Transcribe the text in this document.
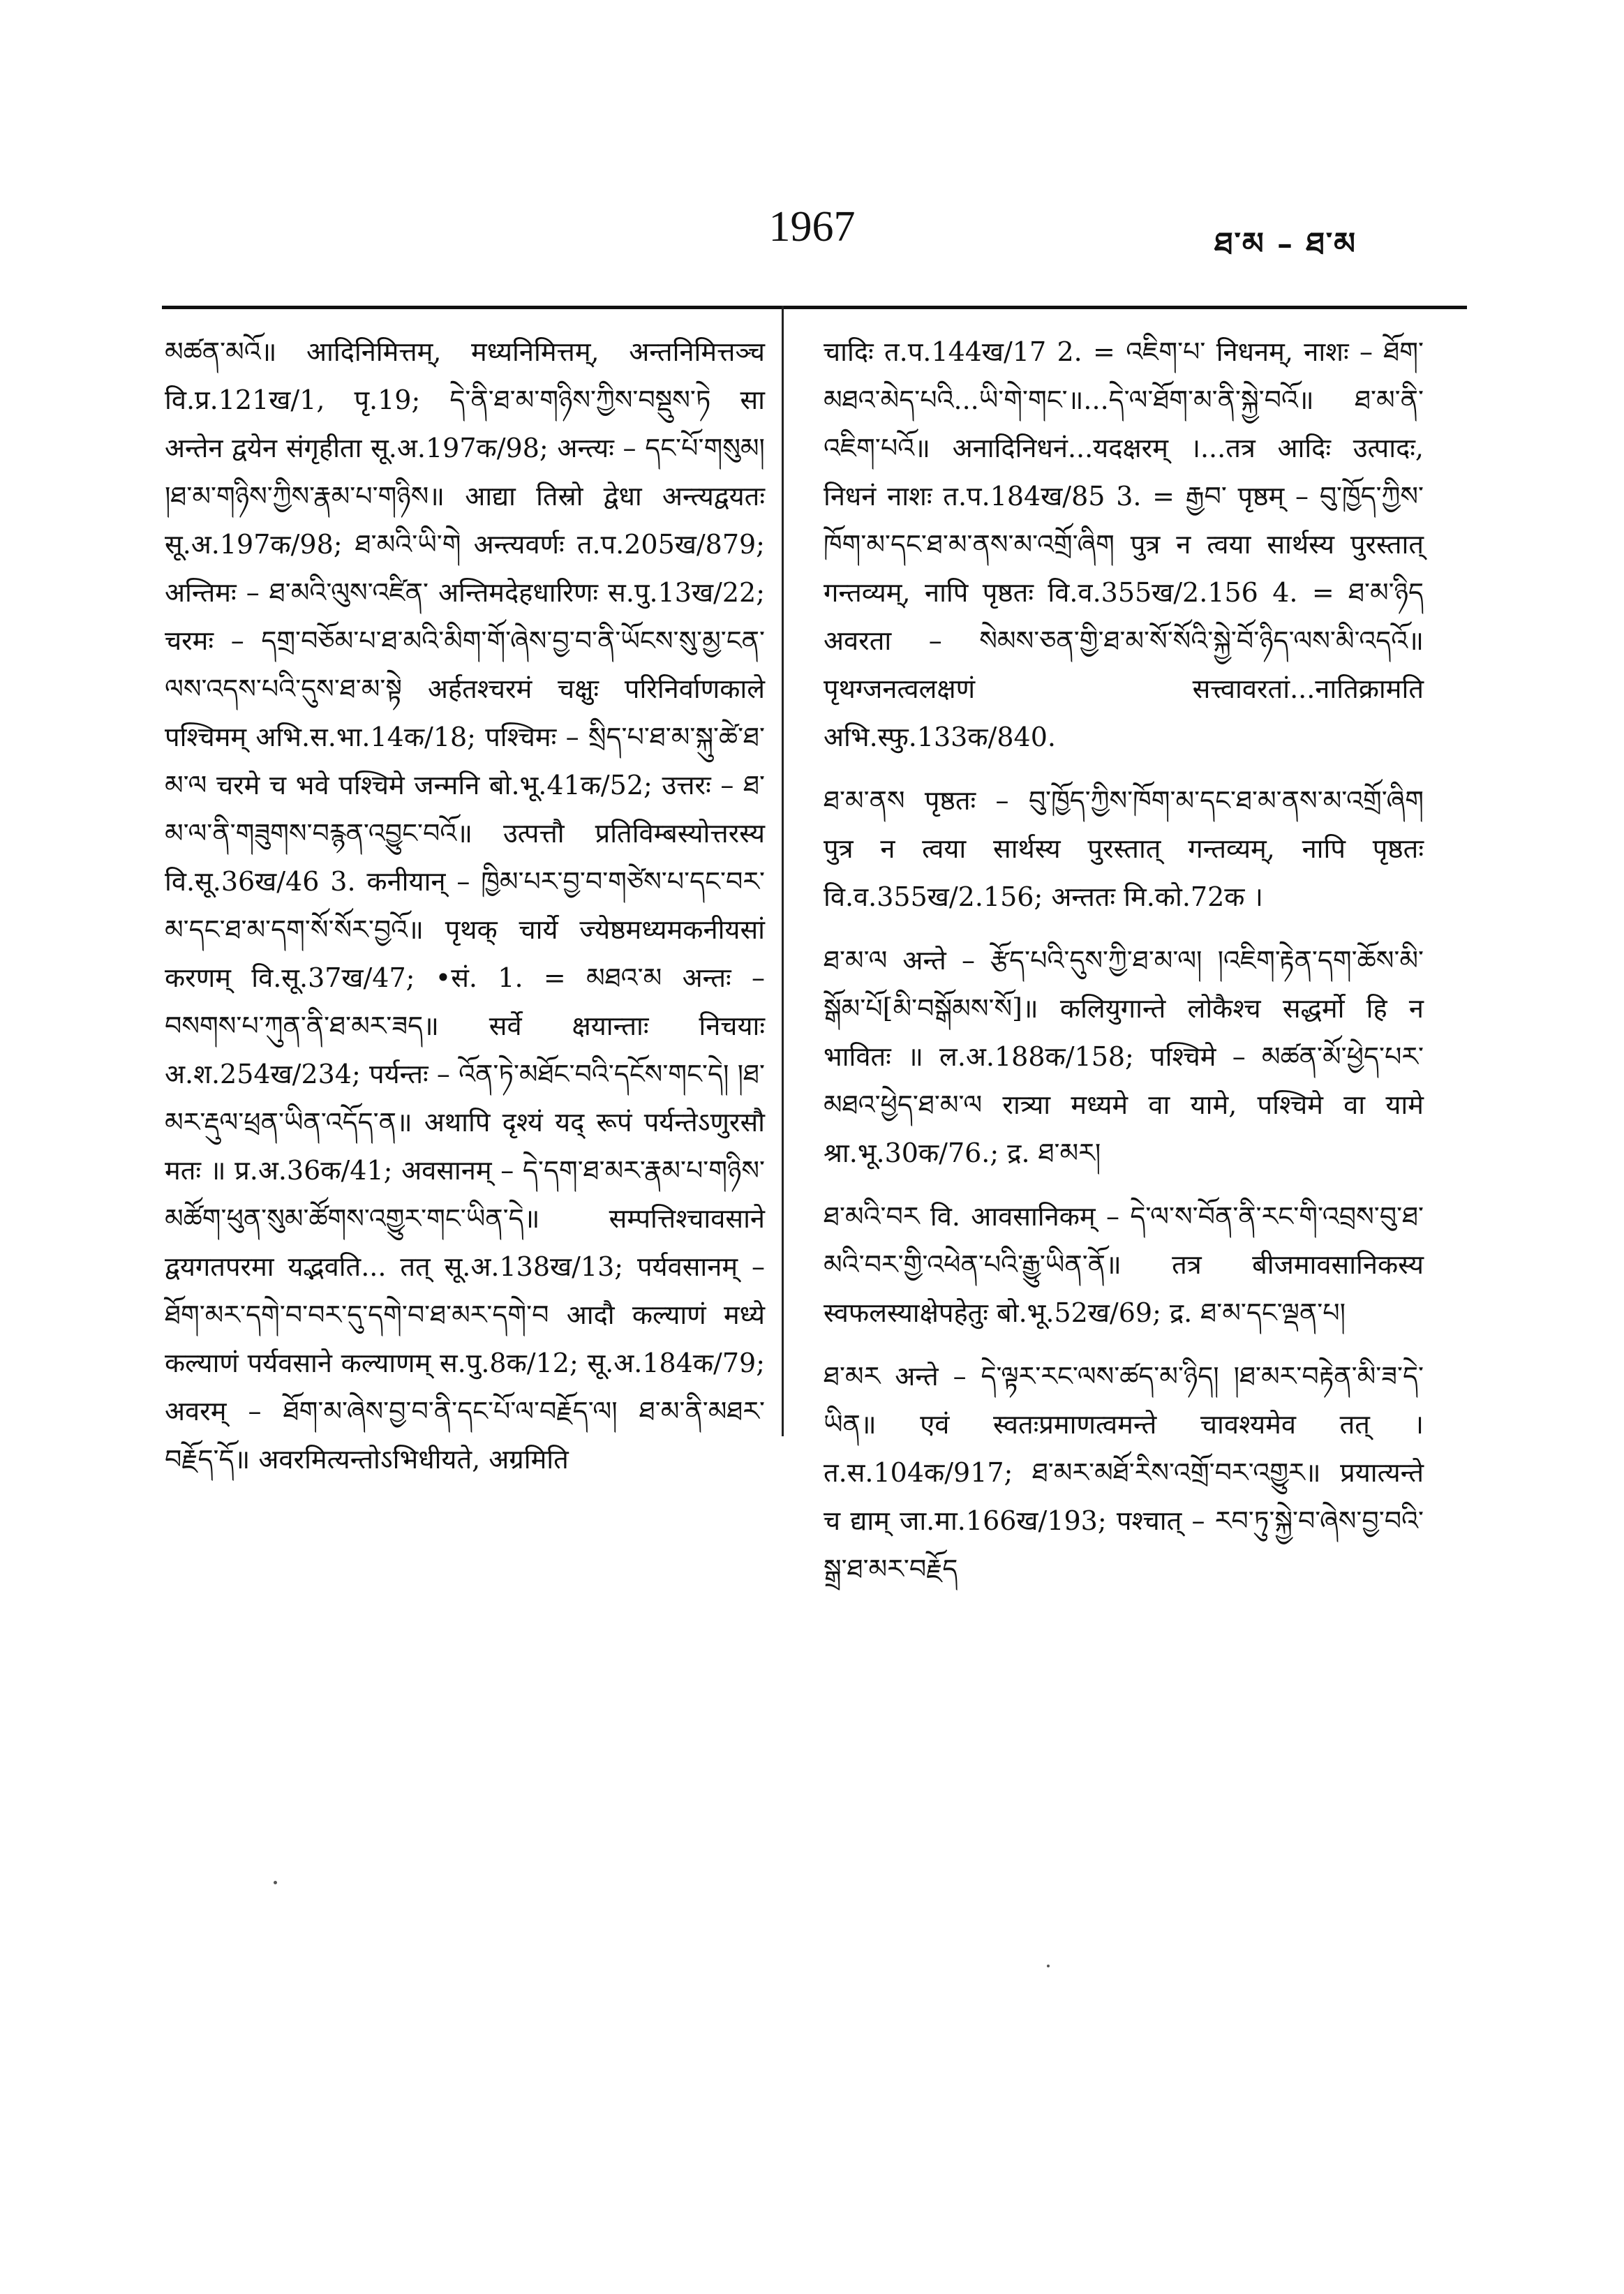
1967	ཐ་མ – ཐ་མ

མཚན་མའོ॥ आदिनिमित्तम्, मध्यनिमित्तम्, अन्तनिमित्तञ्च वि.प्र.121ख/1, पृ.19; དེ་ནི་ཐ་མ་གཉིས་ཀྱིས་བསྡུས་ཏེ सा अन्तेन द्वयेन संगृहीता सू.अ.197क/98; अन्त्यः – དང་པོ་གསུམ། །ཐ་མ་གཉིས་ཀྱིས་རྣམ་པ་གཉིས॥ आद्या तिस्रो द्वेधा अन्त्यद्वयतः सू.अ.197क/98; ཐ་མའི་ཡི་གེ अन्त्यवर्णः त.प.205ख/879; अन्तिमः – ཐ་མའི་ལུས་འཛིན་ अन्तिमदेहधारिणः स.पु.13ख/22; चरमः – དགྲ་བཅོམ་པ་ཐ་མའི་མིག་གོ་ཞེས་བྱ་བ་ནི་ཡོངས་སུ་མྱ་ངན་ལས་འདས་པའི་དུས་ཐ་མ་སྟེ अर्हतश्चरमं चक्षुः परिनिर्वाणकाले पश्चिमम् अभि.स.भा.14क/18; पश्चिमः – སྲིད་པ་ཐ་མ་སྐུ་ཚེ་ཐ་མ་ལ चरमे च भवे पश्चिमे जन्मनि बो.भू.41क/52; उत्तरः – ཐ་མ་ལ་ནི་གཟུགས་བརྙན་འབྱུང་བའོ॥ उत्पत्तौ प्रतिविम्बस्योत्तरस्य वि.सू.36ख/46 3. कनीयान् – ཁྱིམ་པར་བྱ་བ་གཙེས་པ་དང་བར་མ་དང་ཐ་མ་དག་སོ་སོར་བྱའོ॥ पृथक् चार्ये ज्येष्ठमध्यमकनीयसां करणम् वि.सू.37ख/47; •सं. 1. = མཐའ་མ अन्तः – བསགས་པ་ཀུན་ནི་ཐ་མར་ཟད॥ सर्वे क्षयान्ताः निचयाः अ.श.254ख/234; पर्यन्तः – འོན་ཏེ་མཐོང་བའི་དངོས་གང་དེ། །ཐ་མར་རྡུལ་ཕྲན་ཡིན་འདོད་ན॥ अथापि दृश्यं यद् रूपं पर्यन्तेऽणुरसौ मतः ॥ प्र.अ.36क/41; अवसानम् – དེ་དག་ཐ་མར་རྣམ་པ་གཉིས་མཚོག་ཕུན་སུམ་ཚོགས་འགྱུར་གང་ཡིན་དེ॥ सम्पत्तिश्चावसाने द्वयगतपरमा यद्भवति... तत् सू.अ.138ख/13; पर्यवसानम् – ཐོག་མར་དགེ་བ་བར་དུ་དགེ་བ་ཐ་མར་དགེ་བ आदौ कल्याणं मध्ये कल्याणं पर्यवसाने कल्याणम् स.पु.8क/12; सू.अ.184क/79; अवरम् – ཐོག་མ་ཞེས་བྱ་བ་ནི་དང་པོ་ལ་བརྗོད་ལ། ཐ་མ་ནི་མཐར་བརྗོད་དོ॥ अवरमित्यन्तोऽभिधीयते, अग्रमिति

चादिः त.प.144ख/17 2. = འཇིག་པ་ निधनम्, नाशः – ཐོག་མཐའ་མེད་པའི...ཡི་གེ་གང་॥...དེ་ལ་ཐོག་མ་ནི་སྐྱེ་བའོ॥ ཐ་མ་ནི་འཇིག་པའོ॥ अनादिनिधनं...यदक्षरम् ।...तत्र आदिः उत्पादः, निधनं नाशः त.प.184ख/85 3. = རྒྱབ་ पृष्ठम् – བུ་ཁྱོད་ཀྱིས་ཁོག་མ་དང་ཐ་མ་ནས་མ་འགྲོ་ཞིག पुत्र न त्वया सार्थस्य पुरस्तात् गन्तव्यम्, नापि पृष्ठतः वि.व.355ख/2.156 4. = ཐ་མ་ཉིད अवरता – སེམས་ཅན་གྱི་ཐ་མ་སོ་སོའི་སྐྱེ་བོ་ཉིད་ལས་མི་འདའོ॥ पृथग्जनत्वलक्षणं सत्त्वावरतां...नातिक्रामति अभि.स्फु.133क/840.

ཐ་མ་ནས पृष्ठतः – བུ་ཁྱོད་ཀྱིས་ཁོག་མ་དང་ཐ་མ་ནས་མ་འགྲོ་ཞིག पुत्र न त्वया सार्थस्य पुरस्तात् गन्तव्यम्, नापि पृष्ठतः वि.व.355ख/2.156; अन्ततः मि.को.72क ।

ཐ་མ་ལ अन्ते – རྩོད་པའི་དུས་ཀྱི་ཐ་མ་ལ། །འཇིག་རྟེན་དག་ཆོས་མི་སྒོམ་པོ[མི་བསྒོམས་སོ]॥ कलियुगान्ते लोकैश्च सद्धर्मो हि न भावितः ॥ ल.अ.188क/158; पश्चिमे – མཚན་མོ་ཕྱེད་པར་མཐའ་ཕྱེད་ཐ་མ་ལ रात्र्या मध्यमे वा यामे, पश्चिमे वा यामे श्रा.भू.30क/76.; द्र. ཐ་མར།

ཐ་མའི་བར वि. आवसानिकम् – དེ་ལ་ས་བོན་ནི་རང་གི་འབྲས་བུ་ཐ་མའི་བར་གྱི་འཕེན་པའི་རྒྱུ་ཡིན་ནོ॥ तत्र बीजमावसानिकस्य स्वफलस्याक्षेपहेतुः बो.भू.52ख/69; द्र. ཐ་མ་དང་ལྡན་པ།

ཐ་མར अन्ते – དེ་ལྟར་རང་ལས་ཚད་མ་ཉིད། །ཐ་མར་བརྟེན་མི་ཟ་དེ་ཡིན॥ एवं स्वतःप्रमाणत्वमन्ते चावश्यमेव तत् । त.स.104क/917; ཐ་མར་མཐོ་རིས་འགྲོ་བར་འགྱུར॥ प्रयात्यन्ते च द्याम् जा.मा.166ख/193; पश्चात् – རབ་ཏུ་སྐྱེ་བ་ཞེས་བྱ་བའི་སྒྲ་ཐ་མར་བརྗོད
